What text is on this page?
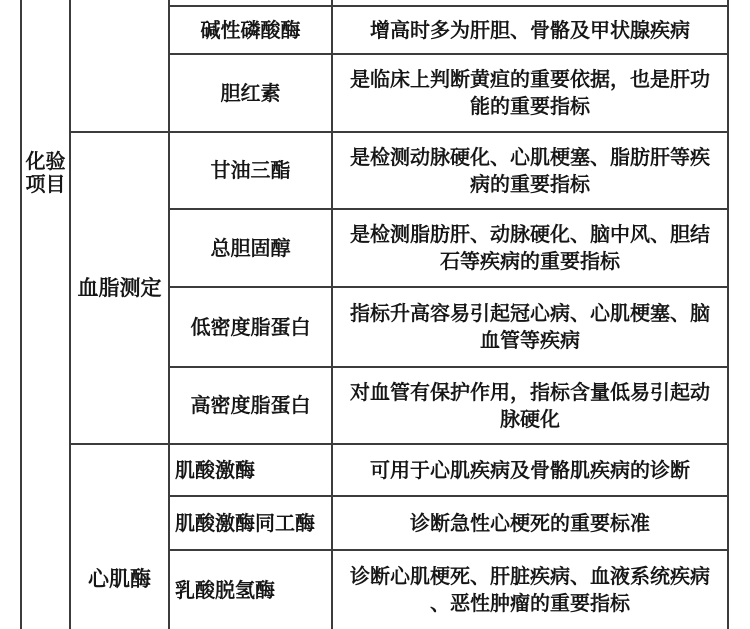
化验
项目
血脂测定
心肌酶
碱性磷酸酶
胆红素
甘油三酯
总胆固醇
低密度脂蛋白
高密度脂蛋白
肌酸激酶
肌酸激酶同工酶
乳酸脱氢酶
增高时多为肝胆、骨骼及甲状腺疾病
是临床上判断黄疸的重要依据，也是肝功
能的重要指标
是检测动脉硬化、心肌梗塞、脂肪肝等疾
病的重要指标
是检测脂肪肝、动脉硬化、脑中风、胆结
石等疾病的重要指标
指标升高容易引起冠心病、心肌梗塞、脑
血管等疾病
对血管有保护作用，指标含量低易引起动
脉硬化
可用于心肌疾病及骨骼肌疾病的诊断
诊断急性心梗死的重要标准
诊断心肌梗死、肝脏疾病、血液系统疾病
、恶性肿瘤的重要指标
